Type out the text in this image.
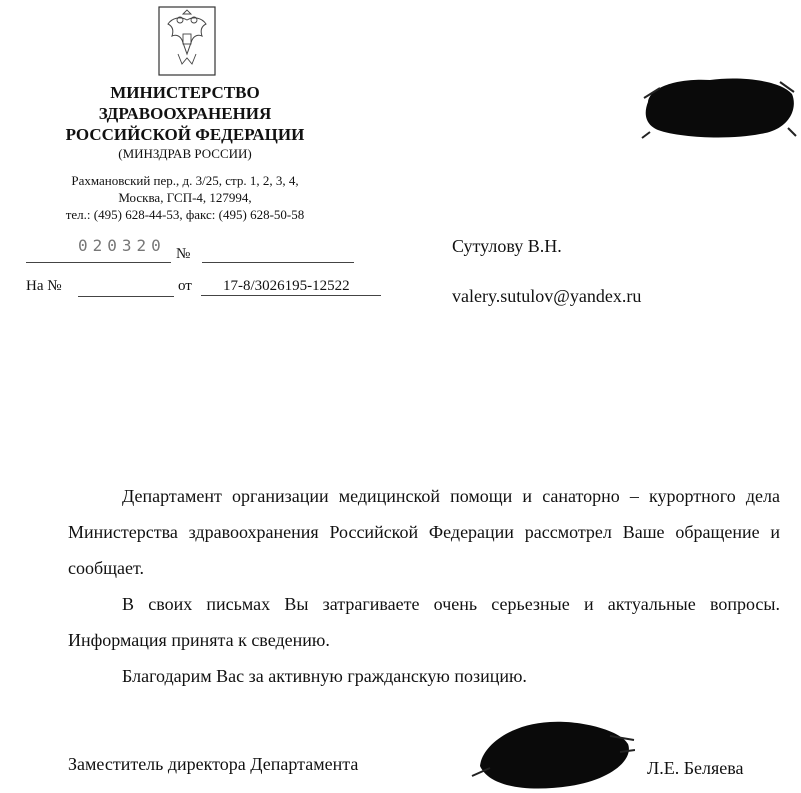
МИНИСТЕРСТВО
ЗДРАВООХРАНЕНИЯ
РОССИЙСКОЙ ФЕДЕРАЦИИ
(МИНЗДРАВ РОССИИ)
Рахмановский пер., д. 3/25, стр. 1, 2, 3, 4,
Москва, ГСП-4, 127994,
тел.: (495) 628-44-53, факс: (495) 628-50-58
020320 №
На №	от	17-8/3026195-12522
Сутулову В.Н.
valery.sutulov@yandex.ru

Департамент организации медицинской помощи и санаторно – курортного дела Министерства здравоохранения Российской Федерации рассмотрел Ваше обращение и сообщает.

В своих письмах Вы затрагиваете очень серьезные и актуальные вопросы. Информация принята к сведению.

Благодарим Вас за активную гражданскую позицию.

Заместитель директора Департамента	Л.Е. Беляева
